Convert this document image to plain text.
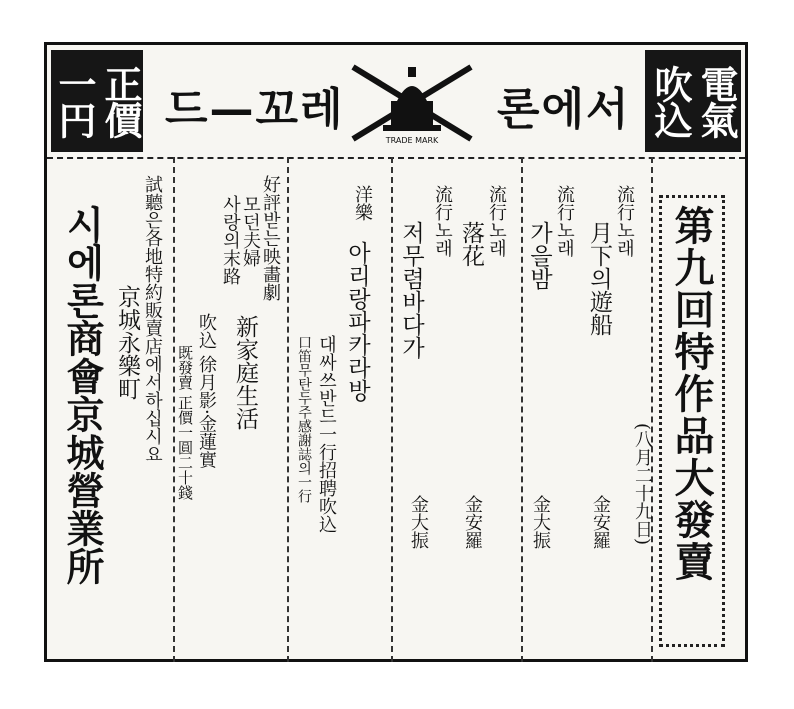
正價
一円 드—꼬레
TRADE MARK
론에서 電氣
吹込
第九回特作品大發賣
(八月二十九日)
流行노래
月下의遊船
金安羅
流行노래
가을밤
金大振
流行노래
落花
金安羅
流行노래
저무렴바다가
金大振
洋樂
아리랑파카라방
대싸쓰반드一行招聘吹込
口笛무탄두주感謝誌의一行
好評받는映畵劇
모던夫婦
사랑의末路
新家庭生活
吹込
徐月影·金蓮實
既發賣 正價一圓二十錢
試聽은各地特約販賣店에서하십시요
京城永樂町
시에론商會京城營業所
